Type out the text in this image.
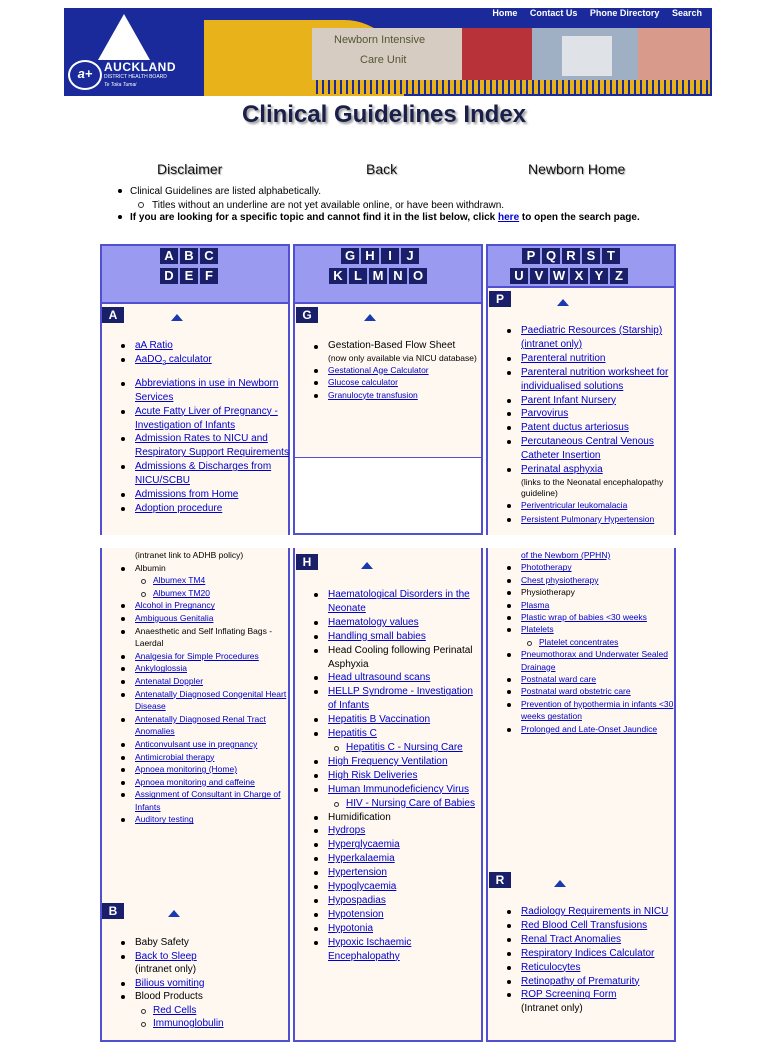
a+ AUCKLAND
DISTRICT HEALTH BOARD
Te Toka Tumai
Home Contact Us Phone Directory Search
Newborn Intensive
Care Unit
Clinical Guidelines Index
Disclaimer	Back	Newborn Home
Clinical Guidelines are listed alphabetically.
Titles without an underline are not yet available online, or have been withdrawn.
If you are looking for a specific topic and cannot find it in the list below, click here to open the search page.
A B C
D E F
G H	I	J
K L M N O
P Q R S T
U V W X Y Z
A
aA Ratio
AaDO$_2$ calculator
Abbreviations in use in Newborn Services
Acute Fatty Liver of Pregnancy - Investigation of Infants
Admission Rates to NICU and Respiratory Support Requirements
Admissions & Discharges from NICU/SCBU
Admissions from Home
Adoption procedure
(intranet link to ADHB policy)
Albumin
Albumex TM4
Albumex TM20
Alcohol in Pregnancy
Ambiguous Genitalia
Anaesthetic and Self Inflating Bags - Laerdal
Analgesia for Simple Procedures
Ankyloglossia
Antenatal Doppler
Antenatally Diagnosed Congenital Heart Disease
Antenatally Diagnosed Renal Tract Anomalies
Anticonvulsant use in pregnancy
Antimicrobial therapy
Apnoea monitoring (Home)
Apnoea monitoring and caffeine
Assignment of Consultant in Charge of Infants
Auditory testing
B
Baby Safety
Back to Sleep
(intranet only)
Bilious vomiting
Blood Products
Red Cells
Immunoglobulin
G
Gestation-Based Flow Sheet
(now only available via NICU database)
Gestational Age Calculator
Glucose calculator
Granulocyte transfusion
H
Haematological Disorders in the Neonate
Haematology values
Handling small babies
Head Cooling following Perinatal Asphyxia
Head ultrasound scans
HELLP Syndrome - Investigation of Infants
Hepatitis B Vaccination
Hepatitis C
Hepatitis C - Nursing Care
High Frequency Ventilation
High Risk Deliveries
Human Immunodeficiency Virus
HIV - Nursing Care of Babies
Humidification
Hydrops
Hyperglycaemia
Hyperkalaemia
Hypertension
Hypoglycaemia
Hypospadias
Hypotension
Hypotonia
Hypoxic Ischaemic Encephalopathy
P
Paediatric Resources (Starship) (intranet only)
Parenteral nutrition
Parenteral nutrition worksheet for individualised solutions
Parent Infant Nursery
Parvovirus
Patent ductus arteriosus
Percutaneous Central Venous Catheter Insertion
Perinatal asphyxia
(links to the Neonatal encephalopathy guideline)
Periventricular leukomalacia
Persistent Pulmonary Hypertension
of the Newborn (PPHN)
Phototherapy
Chest physiotherapy
Physiotherapy
Plasma
Plastic wrap of babies <30 weeks
Platelets
Platelet concentrates
Pneumothorax and Underwater Sealed Drainage
Postnatal ward care
Postnatal ward obstetric care
Prevention of hypothermia in infants <30 weeks gestation
Prolonged and Late-Onset Jaundice
R
Radiology Requirements in NICU
Red Blood Cell Transfusions
Renal Tract Anomalies
Respiratory Indices Calculator
Reticulocytes
Retinopathy of Prematurity
ROP Screening Form
(Intranet only)
